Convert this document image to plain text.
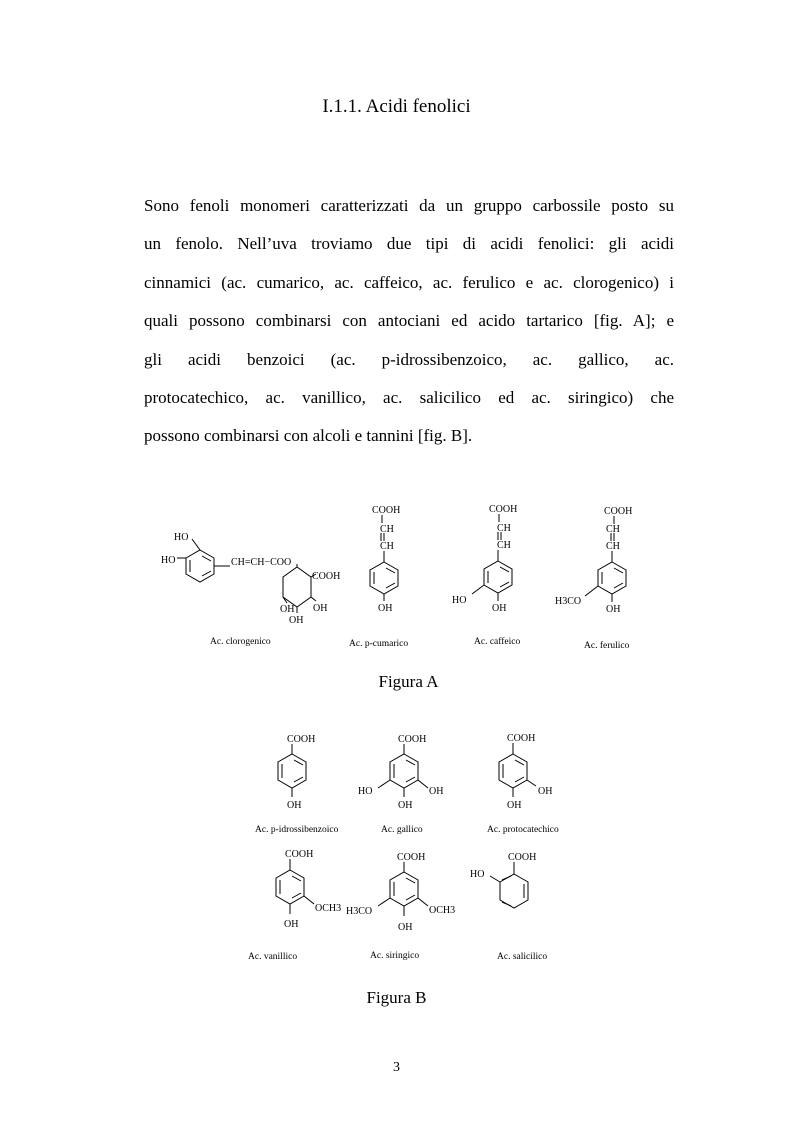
I.1.1. Acidi fenolici
Sono fenoli monomeri caratterizzati da un gruppo carbossile posto su
un fenolo. Nell’uva troviamo due tipi di acidi fenolici: gli acidi
cinnamici (ac. cumarico, ac. caffeico, ac. ferulico e ac. clorogenico) i
quali possono combinarsi con antociani ed acido tartarico [fig. A]; e
gli acidi benzoici (ac. p-idrossibenzoico, ac. gallico, ac.
protocatechico, ac. vanillico, ac. salicilico ed ac. siringico) che
possono combinarsi con alcoli e tannini [fig. B].
HO
HO	CH=CH−COO
COOH
OH OH
OH
Ac. clorogenico
COOH
CH
CH
OH
Ac. p-cumarico
COOH
CH
CH
HO
OH
Ac. caffeico
COOH
CH
CH
H3CO
OH
Ac. ferulico
Figura A
COOH
OH
Ac. p-idrossibenzoico
COOH
HO	OH
OH
Ac. gallico
COOH
OH
OH
Ac. protocatechico
COOH
OCH3
OH
Ac. vanillico
COOH
H3CO	OCH3
OH
Ac. siringico
COOH
HO
Ac. salicilico
Figura B
3
